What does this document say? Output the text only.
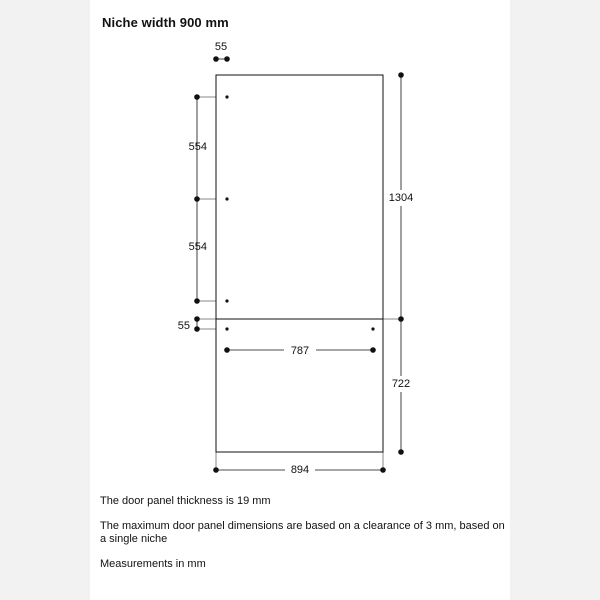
Niche width 900 mm
55
554
554
55
787
1304
722
894

The door panel thickness is 19 mm

The maximum door panel dimensions are based on a clearance of 3 mm, based on a single niche

Measurements in mm
